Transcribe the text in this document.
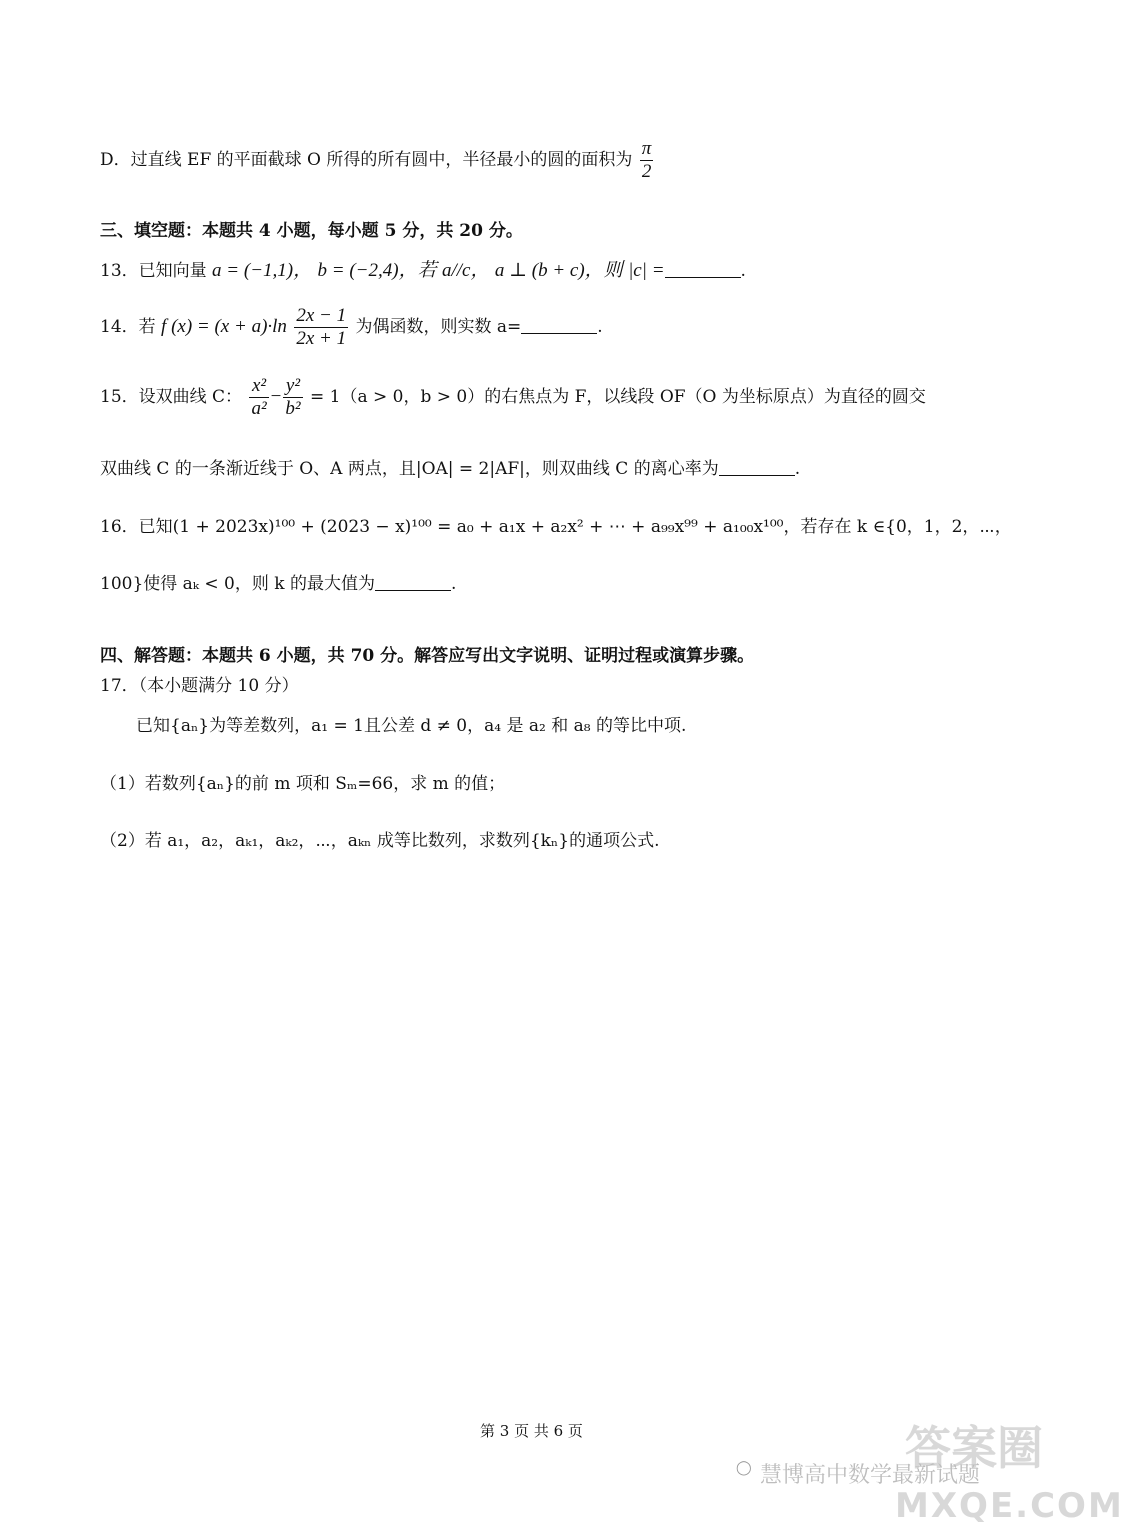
D．过直线 EF 的平面截球 O 所得的所有圆中，半径最小的圆的面积为 $\frac{\pi}{2}$
三、填空题：本题共 4 小题，每小题 5 分，共 20 分。
13．已知向量 a = (−1,1)， b = (−2,4)，若 a//c， a ⊥ (b + c)，则 |c| =	.
14．若 f $(x) = (x + a)\cdot\ln \frac{2x - 1}{2x + 1}$ 为偶函数，则实数 a=	.
15．设双曲线 C： $\frac{\text{x²}}{\text{a²}} - \frac{\text{y²}}{\text{b²}} = 1(a > 0$，b > 0）的右焦点为 F，以线段 OF（O 为坐标原点）为直径的圆交
双曲线 C 的一条渐近线于 O、A 两点，且|OA| = 2|AF|，则双曲线 C 的离心率为	.
16．已知(1 + 2023x)¹⁰⁰ + (2023 − x)¹⁰⁰ = a₀ + a₁x + a₂x² + ⋯ + a₉₉x⁹⁹ + a₁₀₀x¹⁰⁰，若存在 k ∈{0，1，2，⋯，
100}使得 aₖ < 0，则 k 的最大值为	.
四、解答题：本题共 6 小题，共 70 分。解答应写出文字说明、证明过程或演算步骤。
17．（本小题满分 10 分）
已知{aₙ}为等差数列，a₁ = 1且公差 d ≠ 0，a₄ 是 a₂ 和 a₈ 的等比中项.
（1）若数列{aₙ}的前 m 项和 Sₘ=66，求 m 的值；
（2）若 a₁，a₂，aₖ₁，aₖ₂，⋯，aₖₙ 成等比数列，求数列{kₙ}的通项公式.
第 3 页 共 6 页
◯ 慧博高中数学最新试题
答案圈
MXQE.COM
